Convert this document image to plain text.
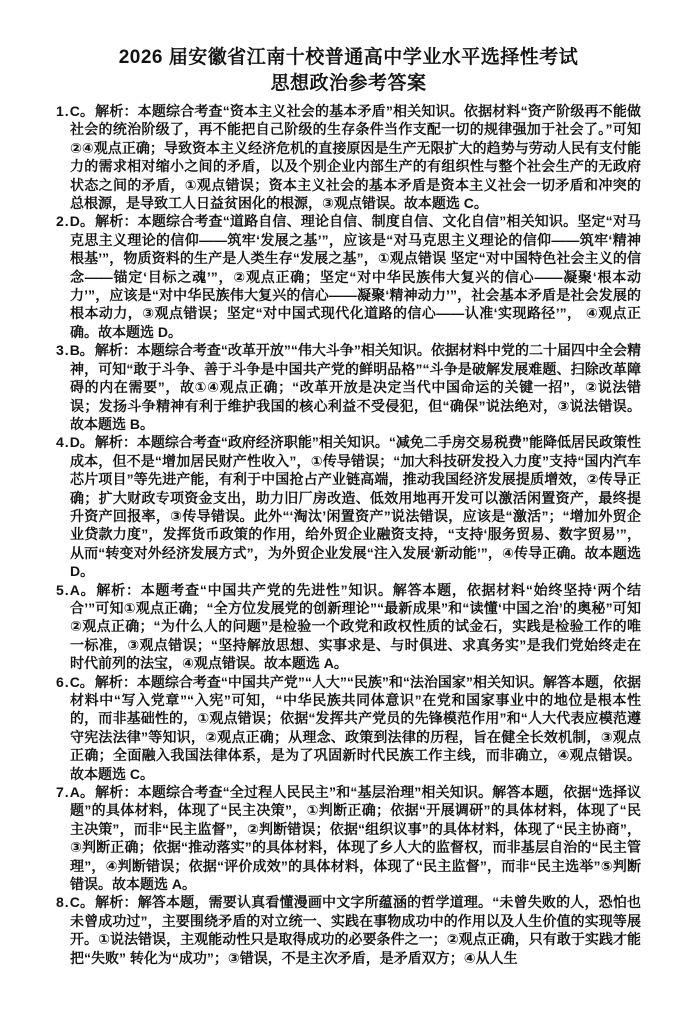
2026 届安徽省江南十校普通高中学业水平选择性考试
思想政治参考答案

1.C。解析：本题综合考查“资本主义社会的基本矛盾”相关知识。依据材料“资产阶级再不能做社会的统治阶级了，再不能把自己阶级的生存条件当作支配一切的规律强加于社会了。”可知②④观点正确；导致资本主义经济危机的直接原因是生产无限扩大的趋势与劳动人民有支付能力的需求相对缩小之间的矛盾，以及个别企业内部生产的有组织性与整个社会生产的无政府状态之间的矛盾，①观点错误；资本主义社会的基本矛盾是资本主义社会一切矛盾和冲突的总根源，是导致工人日益贫困化的根源，③观点错误。故本题选 C。

2.D。解析：本题综合考查“道路自信、理论自信、制度自信、文化自信”相关知识。坚定“对马克思主义理论的信仰——筑牢‘发展之基’”，应该是“对马克思主义理论的信仰——筑牢‘精神根基’”，物质资料的生产是人类生存“发展之基”，①观点错误 坚定“对中国特色社会主义的信念——锚定‘目标之魂’”，②观点正确；坚定“对中华民族伟大复兴的信心——凝聚‘根本动力’”，应该是“对中华民族伟大复兴的信心——凝聚‘精神动力’”，社会基本矛盾是社会发展的根本动力，③观点错误；坚定“对中国式现代化道路的信心——认准‘实现路径’”， ④观点正确。故本题选 D。

3.B。解析：本题综合考查“改革开放”“伟大斗争”相关知识。依据材料中党的二十届四中全会精神，可知“敢于斗争、善于斗争是中国共产党的鲜明品格”“斗争是破解发展难题、扫除改革障碍的内在需要”，故①④观点正确；“改革开放是决定当代中国命运的关键一招”，②说法错误；发扬斗争精神有利于维护我国的核心利益不受侵犯，但“确保”说法绝对，③说法错误。故本题选 B。

4.D。解析：本题综合考查“政府经济职能”相关知识。“减免二手房交易税费”能降低居民政策性成本，但不是“增加居民财产性收入”，①传导错误；“加大科技研发投入力度”支持“国内汽车芯片项目”等先进产能，有利于中国抢占产业链高端，推动我国经济发展提质增效，②传导正确；扩大财政专项资金支出，助力旧厂房改造、低效用地再开发可以激活闲置资产，最终提升资产回报率，③传导错误。此外“‘淘汰’闲置资产”说法错误，应该是“激活”；“增加外贸企业贷款力度”，发挥货币政策的作用，给外贸企业融资支持，“支持‘服务贸易、数字贸易’”，从而“转变对外经济发展方式”，为外贸企业发展“注入发展‘新动能’”，④传导正确。故本题选 D。

5.A。解析：本题考查“中国共产党的先进性”知识。解答本题，依据材料“始终坚持‘两个结合’”可知①观点正确；“全方位发展党的创新理论”“最新成果”和“读懂‘中国之治’的奥秘”可知②观点正确；“为什么人的问题”是检验一个政党和政权性质的试金石，实践是检验工作的唯一标准，③观点错误；“坚持解放思想、实事求是、与时俱进、求真务实”是我们党始终走在时代前列的法宝，④观点错误。故本题选 A。

6.C。解析：本题综合考查“中国共产党”“人大”“民族”和“法治国家”相关知识。解答本题，依据材料中“写入党章”“入宪”可知，“中华民族共同体意识”在党和国家事业中的地位是根本性的，而非基础性的，①观点错误；依据“发挥共产党员的先锋模范作用”和“人大代表应模范遵守宪法法律”等知识，②观点正确；从理念、政策到法律的历程，旨在健全长效机制，③观点正确；全面融入我国法律体系，是为了巩固新时代民族工作主线，而非确立，④观点错误。故本题选 C。

7.A。解析：本题综合考查“全过程人民民主”和“基层治理”相关知识。解答本题，依据“选择议题”的具体材料，体现了“民主决策”，①判断正确；依据“开展调研”的具体材料，体现了“民主决策”，而非“民主监督”，②判断错误；依据“组织议事”的具体材料，体现了“民主协商”，③判断正确；依据“推动落实”的具体材料，体现了乡人大的监督权，而非基层自治的“民主管理”，④判断错误；依据“评价成效”的具体材料，体现了“民主监督”，而非“民主选举”⑤判断错误。故本题选 A。

8.C。解析：解答本题，需要认真看懂漫画中文字所蕴涵的哲学道理。“未曾失败的人，恐怕也未曾成功过”，主要围绕矛盾的对立统一、实践在事物成功中的作用以及人生价值的实现等展开。①说法错误，主观能动性只是取得成功的必要条件之一；②观点正确，只有敢于实践才能把“失败” 转化为“成功”；③错误，不是主次矛盾，是矛盾双方；④从人生
